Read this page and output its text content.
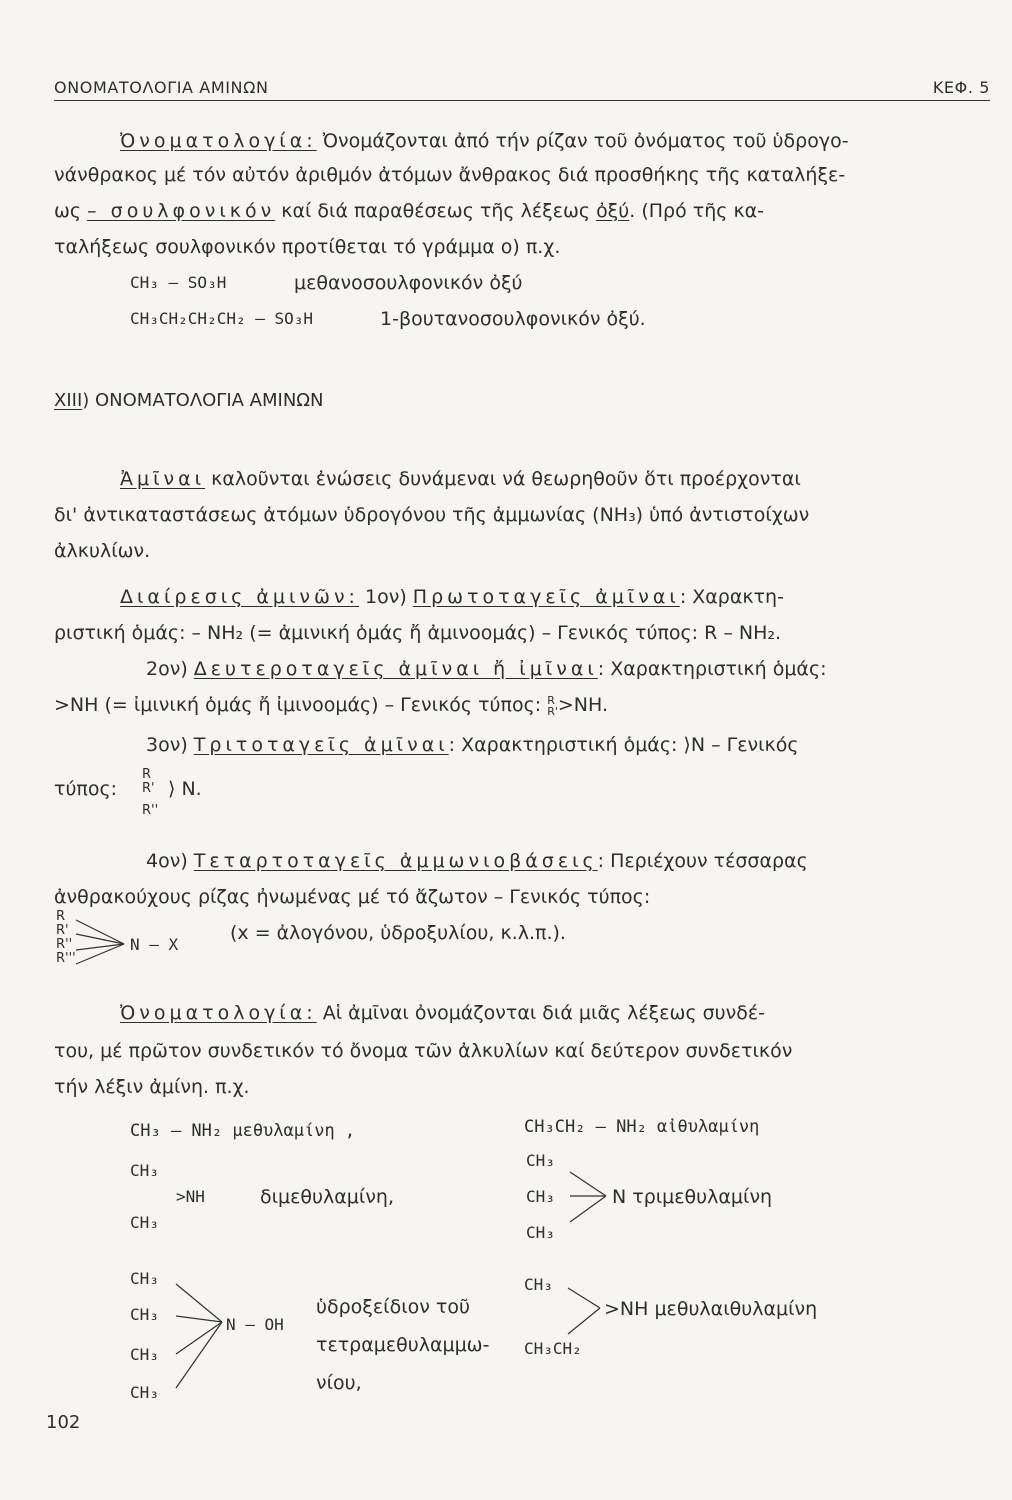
ΟΝΟΜΑΤΟΛΟΓΙΑ ΑΜΙΝΩΝ	ΚΕΦ. 5
Ὀνοματολογία: Ὀνομάζονται ἀπό τήν ρίζαν τοῦ ὀνόματος τοῦ ὑδρογο-
νάνθρακος μέ τόν αὐτόν ἀριθμόν ἀτόμων ἄνθρακος διά προσθήκης τῆς καταλήξε-
ως – σουλφονικόν καί διά παραθέσεως τῆς λέξεως ὀξύ. (Πρό τῆς κα-
ταλήξεως σουλφονικόν προτίθεται τό γράμμα ο) π.χ.
CH₃ – SO₃H	μεθανοσουλφονικόν ὀξύ
CH₃CH₂CH₂CH₂ – SO₃H	1-βουτανοσουλφονικόν ὀξύ.
XIII) ΟΝΟΜΑΤΟΛΟΓΙΑ ΑΜΙΝΩΝ
Ἀμῖναι καλοῦνται ἐνώσεις δυνάμεναι νά θεωρηθοῦν ὅτι προέρχονται
δι' ἀντικαταστάσεως ἀτόμων ὑδρογόνου τῆς ἀμμωνίας (NH₃) ὑπό ἀντιστοίχων
ἀλκυλίων.
Διαίρεσις ἀμινῶν: 1ον) Πρωτοταγεῖς ἀμῖναι: Χαρακτη-
ριστική ὁμάς: – NH₂ (= ἀμινική ὁμάς ἤ ἀμινοομάς) – Γενικός τύπος: R – NH₂.
2ον) Δευτεροταγεῖς ἀμῖναι ἤ ἰμῖναι: Χαρακτηριστική ὁμάς:
>NH (= ἰμινική ὁμάς ἤ ἰμινοομάς) – Γενικός τύπος: R
R'>NH.
3ον) Τριτοταγεῖς ἀμῖναι: Χαρακτηριστική ὁμάς: ⟩N – Γενικός
τύπος:
R
R'
R''
⟩ N.
4ον) Τεταρτοταγεῖς ἀμμωνιοβάσεις: Περιέχουν τέσσαρας
ἀνθρακούχους ρίζας ἠνωμένας μέ τό ἄζωτον – Γενικός τύπος:
R
R'
R''
R'''
N – X
(x = ἀλογόνου, ὑδροξυλίου, κ.λ.π.).
Ὀνοματολογία: Αἱ ἀμῖναι ὀνομάζονται διά μιᾶς λέξεως συνδέ-
του, μέ πρῶτον συνδετικόν τό ὄνομα τῶν ἀλκυλίων καί δεύτερον συνδετικόν
τήν λέξιν ἀμίνη. π.χ.
CH₃ – NH₂ μεθυλαμίνη ,	CH₃CH₂ – NH₂ αἰθυλαμίνη
CH₃
CH₃
>NH	διμεθυλαμίνη,
CH₃
CH₃
CH₃
N τριμεθυλαμίνη
CH₃
CH₃
CH₃
CH₃
N – OH
ὑδροξείδιον τοῦ
τετραμεθυλαμμω-
νίου,
CH₃
CH₃CH₂
>NH μεθυλαιθυλαμίνη
102
